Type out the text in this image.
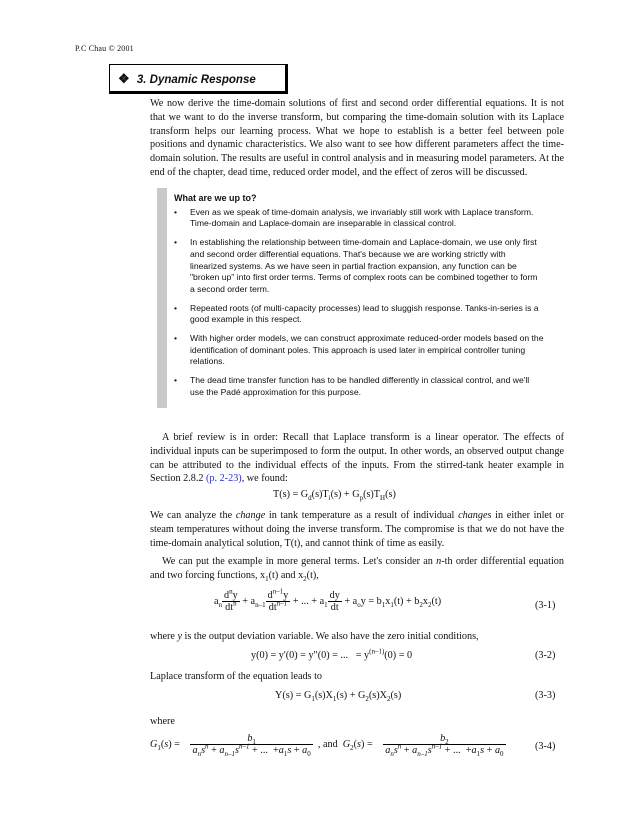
P.C Chau © 2001
❖ 3. Dynamic Response
We now derive the time-domain solutions of first and second order differential equations. It is not that we want to do the inverse transform, but comparing the time-domain solution with its Laplace transform helps our learning process. What we hope to establish is a better feel between pole positions and dynamic characteristics. We also want to see how different parameters affect the time-domain solution. The results are useful in control analysis and in measuring model parameters. At the end of the chapter, dead time, reduced order model, and the effect of zeros will be discussed.
What are we up to?
• Even as we speak of time-domain analysis, we invariably still work with Laplace transform. Time-domain and Laplace-domain are inseparable in classical control.
• In establishing the relationship between time-domain and Laplace-domain, we use only first and second order differential equations. That's because we are working strictly with linearized systems. As we have seen in partial fraction expansion, any function can be "broken up" into first order terms. Terms of complex roots can be combined together to form a second order term.
• Repeated roots (of multi-capacity processes) lead to sluggish response. Tanks-in-series is a good example in this respect.
• With higher order models, we can construct approximate reduced-order models based on the identification of dominant poles. This approach is used later in empirical controller tuning relations.
• The dead time transfer function has to be handled differently in classical control, and we'll use the Padé approximation for this purpose.
A brief review is in order: Recall that Laplace transform is a linear operator. The effects of individual inputs can be superimposed to form the output. In other words, an observed output change can be attributed to the individual effects of the inputs. From the stirred-tank heater example in Section 2.8.2 (p. 2-23), we found:
$T(s) = G_d(s)T_i(s) + G_p(s)T_H(s)$
We can analyze the change in tank temperature as a result of individual changes in either inlet or steam temperatures without doing the inverse transform. The compromise is that we do not have the time-domain analytical solution, T(t), and cannot think of time as easily.
We can put the example in more general terms. Let's consider an n-th order differential equation and two forcing functions, $x_1(t)$ and $x_2(t)$,
$a_n \frac{d^ny}{dt^n} + a_{n-1} \frac{d^{n-1}y}{dt^{n-1}}$ + ... + $a_1 \frac{dy}{dt} + a_oy = b_1x_1(t) + b_2x_2(t)$	(3-1)
where y is the output deviation variable. We also have the zero initial conditions,
y(0) = y'(0) = y"(0) = ...   = $y^{(n-1)}(0) = 0$	(3-2)
Laplace transform of the equation leads to
$Y(s) = G_1(s)X_1(s) + G_2(s)X_2(s)$	(3-3)
where
$G_1(s) = \frac{b_1}{a_ns^n + a_{n-1}s^{n-1} + ... +a_1s + a_0}$ , and  $G_2(s) = \frac{b_2}{a_ns^n + a_{n-1}s^{n-1} + ... +a_1s + a_0}$	(3-4)
